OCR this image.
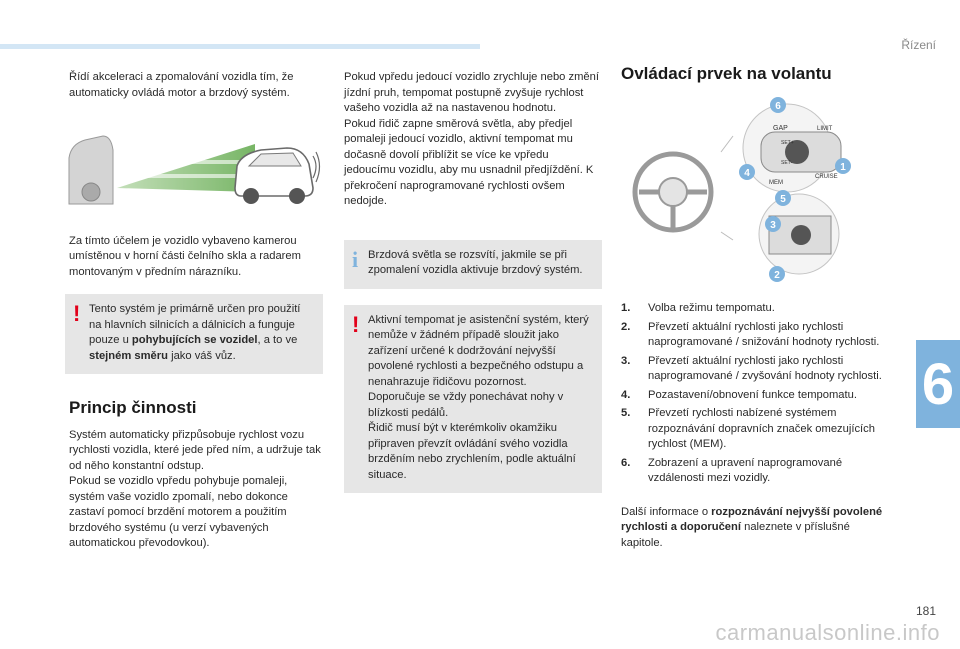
Řízení
6
181
carmanualsonline.info

Řídí akceleraci a zpomalování vozidla tím, že automaticky ovládá motor a brzdový systém.

Za tímto účelem je vozidlo vybaveno kamerou umístěnou v horní části čelního skla a radarem montovaným v předním nárazníku.

! Tento systém je primárně určen pro použití na hlavních silnicích a dálnicích a funguje pouze u pohybujících se vozidel, a to ve stejném směru jako váš vůz.
Princip činnosti

Systém automaticky přizpůsobuje rychlost vozu rychlosti vozidla, které jede před ním, a udržuje tak od něho konstantní odstup.

Pokud se vozidlo vpředu pohybuje pomaleji, systém vaše vozidlo zpomalí, nebo dokonce zastaví pomocí brzdění motorem a použitím brzdového systému (u verzí vybavených automatickou převodovkou).

Pokud vpředu jedoucí vozidlo zrychluje nebo změní jízdní pruh, tempomat postupně zvyšuje rychlost vašeho vozidla až na nastavenou hodnotu.

Pokud řidič zapne směrová světla, aby předjel pomaleji jedoucí vozidlo, aktivní tempomat mu dočasně dovolí přiblížit se více ke vpředu jedoucímu vozidlu, aby mu usnadnil předjíždění. K překročení naprogramované rychlosti ovšem nedojde.

i Brzdová světla se rozsvítí, jakmile se při zpomalení vozidla aktivuje brzdový systém.
! Aktivní tempomat je asistenční systém, který nemůže v žádném případě sloužit jako zařízení určené k dodržování nejvyšší povolené rychlosti a bezpečného odstupu a nenahrazuje řidičovu pozornost.

Doporučuje se vždy ponechávat nohy v blízkosti pedálů.

Řidič musí být v kterémkoliv okamžiku připraven převzít ovládání svého vozidla brzděním nebo zrychlením, podle aktuální situace.

Ovládací prvek na volantu
GAP	LIMIT
CRUISE
SET+
SET-
MEM
6
1
4
5
3
2
1. Volba režimu tempomatu.
2. Převzetí aktuální rychlosti jako rychlosti naprogramované / snižování hodnoty rychlosti.
3. Převzetí aktuální rychlosti jako rychlosti naprogramované / zvyšování hodnoty rychlosti.
4. Pozastavení/obnovení funkce tempomatu.
5. Převzetí rychlosti nabízené systémem rozpoznávání dopravních značek omezujících rychlost (MEM).
6. Zobrazení a upravení naprogramované vzdálenosti mezi vozidly.

Další informace o rozpoznávání nejvyšší povolené rychlosti a doporučení naleznete v příslušné kapitole.
